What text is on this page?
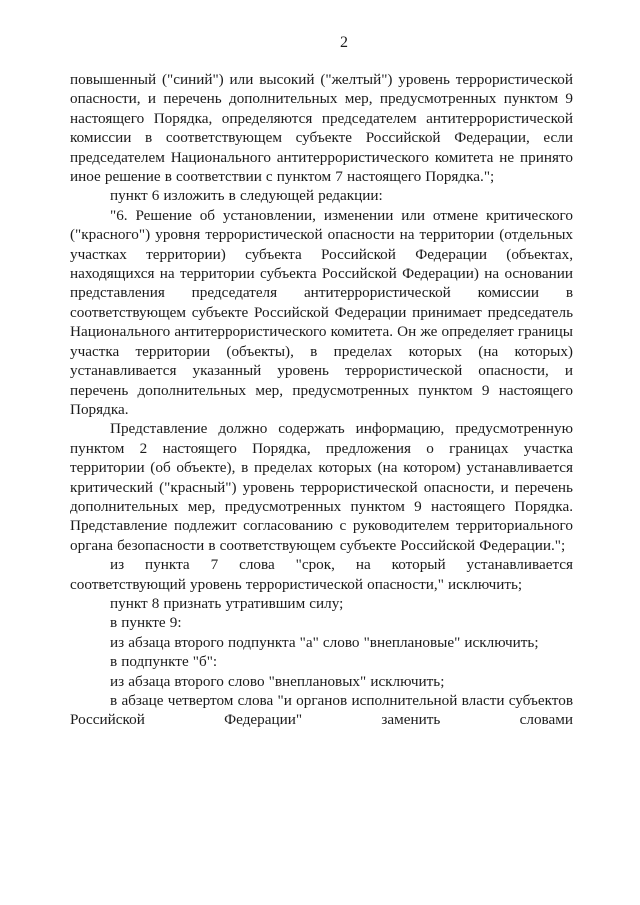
2

повышенный ("синий") или высокий ("желтый") уровень террористической опасности, и перечень дополнительных мер, предусмотренных пунктом 9 настоящего Порядка, определяются председателем антитеррористической комиссии в соответствующем субъекте Российской Федерации, если председателем Национального антитеррористического комитета не принято иное решение в соответствии с пунктом 7 настоящего Порядка.";

пункт 6 изложить в следующей редакции:

"6. Решение об установлении, изменении или отмене критического ("красного") уровня террористической опасности на территории (отдельных участках территории) субъекта Российской Федерации (объектах, находящихся на территории субъекта Российской Федерации) на основании представления председателя антитеррористической комиссии в соответствующем субъекте Российской Федерации принимает председатель Национального антитеррористического комитета. Он же определяет границы участка территории (объекты), в пределах которых (на которых) устанавливается указанный уровень террористической опасности, и перечень дополнительных мер, предусмотренных пунктом 9 настоящего Порядка.

Представление должно содержать информацию, предусмотренную пунктом 2 настоящего Порядка, предложения о границах участка территории (об объекте), в пределах которых (на котором) устанавливается критический ("красный") уровень террористической опасности, и перечень дополнительных мер, предусмотренных пунктом 9 настоящего Порядка. Представление подлежит согласованию с руководителем территориального органа безопасности в соответствующем субъекте Российской Федерации.";

из пункта 7 слова "срок, на который устанавливается соответствующий уровень террористической опасности," исключить;

пункт 8 признать утратившим силу;

в пункте 9:

из абзаца второго подпункта "а" слово "внеплановые" исключить;

в подпункте "б":

из абзаца второго слово "внеплановых" исключить;

в абзаце четвертом слова "и органов исполнительной власти субъектов Российской Федерации" заменить словами
